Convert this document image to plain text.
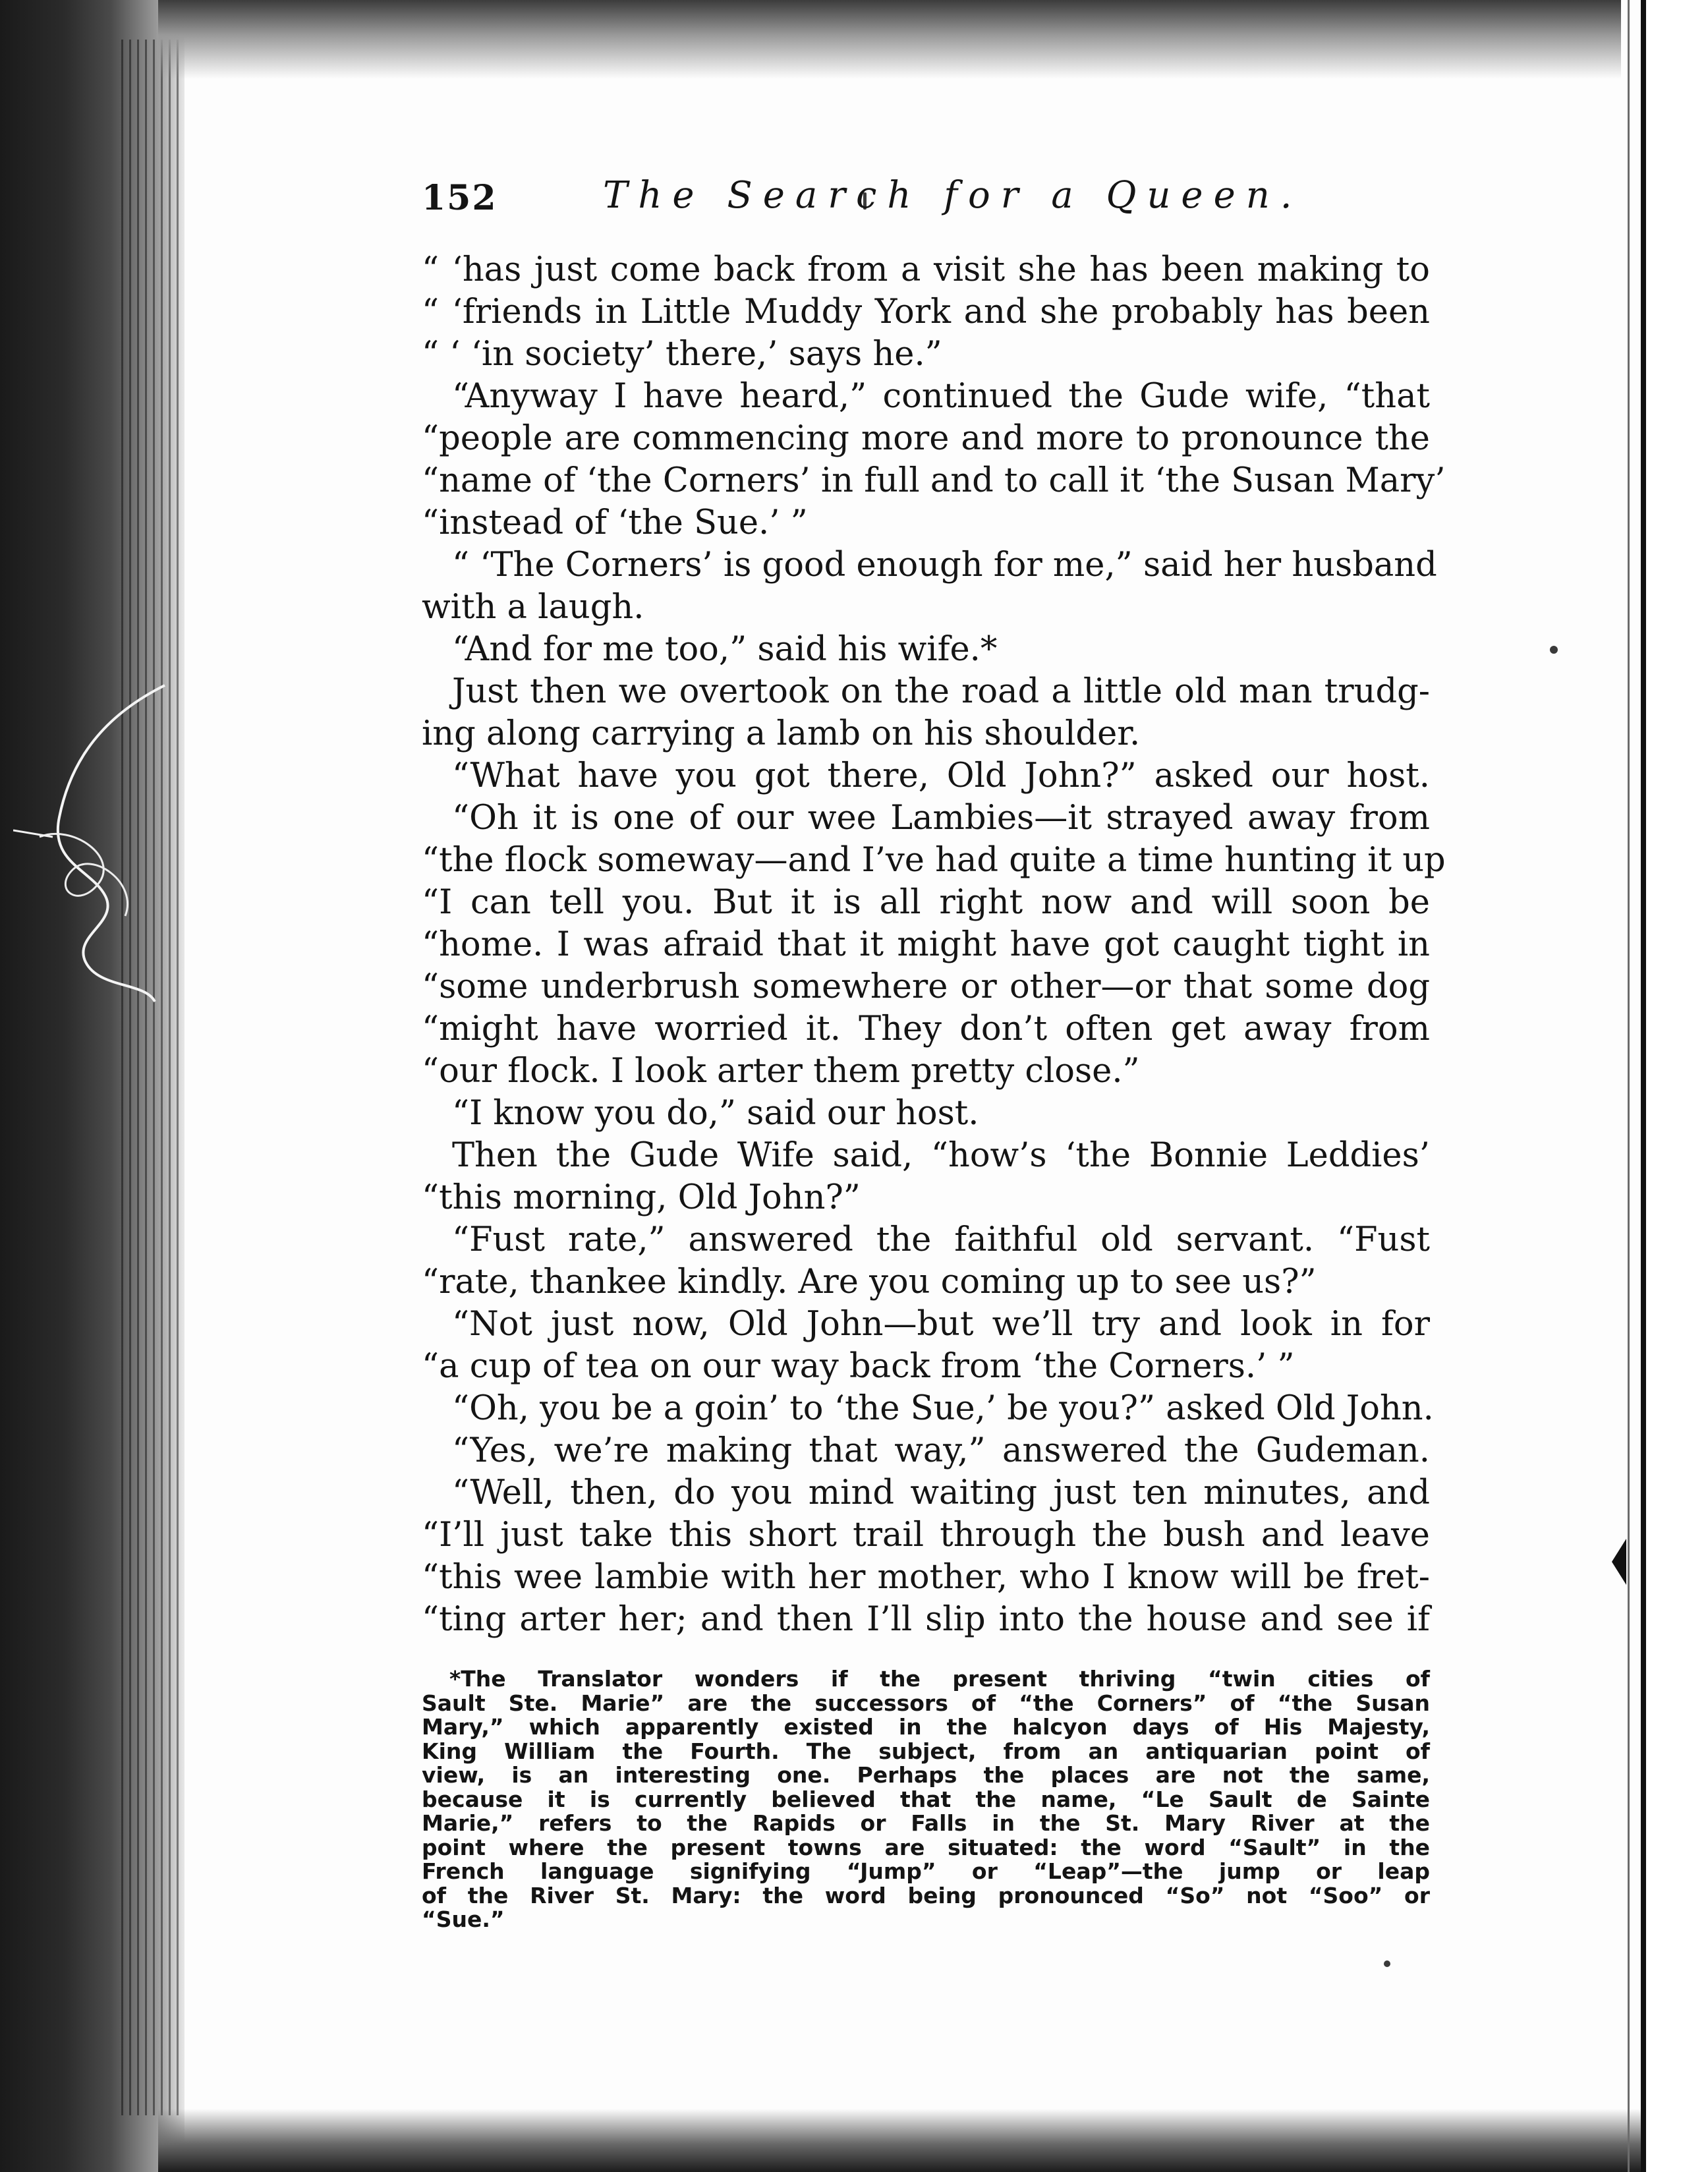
152	The Search for a Queen.
“ ‘has just come back from a visit she has been making to
“ ‘friends in Little Muddy York and she probably has been
“ ‘ ‘in society’ there,’ says he.”
“Anyway I have heard,” continued the Gude wife, “that
“people are commencing more and more to pronounce the
“name of ‘the Corners’ in full and to call it ‘the Susan Mary’
“instead of ‘the Sue.’ ”
“ ‘The Corners’ is good enough for me,” said her husband
with a laugh.
“And for me too,” said his wife.*
Just then we overtook on the road a little old man trudg-
ing along carrying a lamb on his shoulder.
“What have you got there, Old John?” asked our host.
“Oh it is one of our wee Lambies—it strayed away from
“the flock someway—and I’ve had quite a time hunting it up
“I can tell you. But it is all right now and will soon be
“home. I was afraid that it might have got caught tight in
“some underbrush somewhere or other—or that some dog
“might have worried it. They don’t often get away from
“our flock. I look arter them pretty close.”
“I know you do,” said our host.
Then the Gude Wife said, “how’s ‘the Bonnie Leddies’
“this morning, Old John?”
“Fust rate,” answered the faithful old servant. “Fust
“rate, thankee kindly. Are you coming up to see us?”
“Not just now, Old John—but we’ll try and look in for
“a cup of tea on our way back from ‘the Corners.’ ”
“Oh, you be a goin’ to ‘the Sue,’ be you?” asked Old John.
“Yes, we’re making that way,” answered the Gudeman.
“Well, then, do you mind waiting just ten minutes, and
“I’ll just take this short trail through the bush and leave
“this wee lambie with her mother, who I know will be fret-
“ting arter her; and then I’ll slip into the house and see if
*The Translator wonders if the present thriving “twin cities of
Sault Ste. Marie” are the successors of “the Corners” of “the Susan
Mary,” which apparently existed in the halcyon days of His Majesty,
King William the Fourth. The subject, from an antiquarian point of
view, is an interesting one. Perhaps the places are not the same,
because it is currently believed that the name, “Le Sault de Sainte
Marie,” refers to the Rapids or Falls in the St. Mary River at the
point where the present towns are situated: the word “Sault” in the
French language signifying “Jump” or “Leap”—the jump or leap
of the River St. Mary: the word being pronounced “So” not “Soo” or
“Sue.”
